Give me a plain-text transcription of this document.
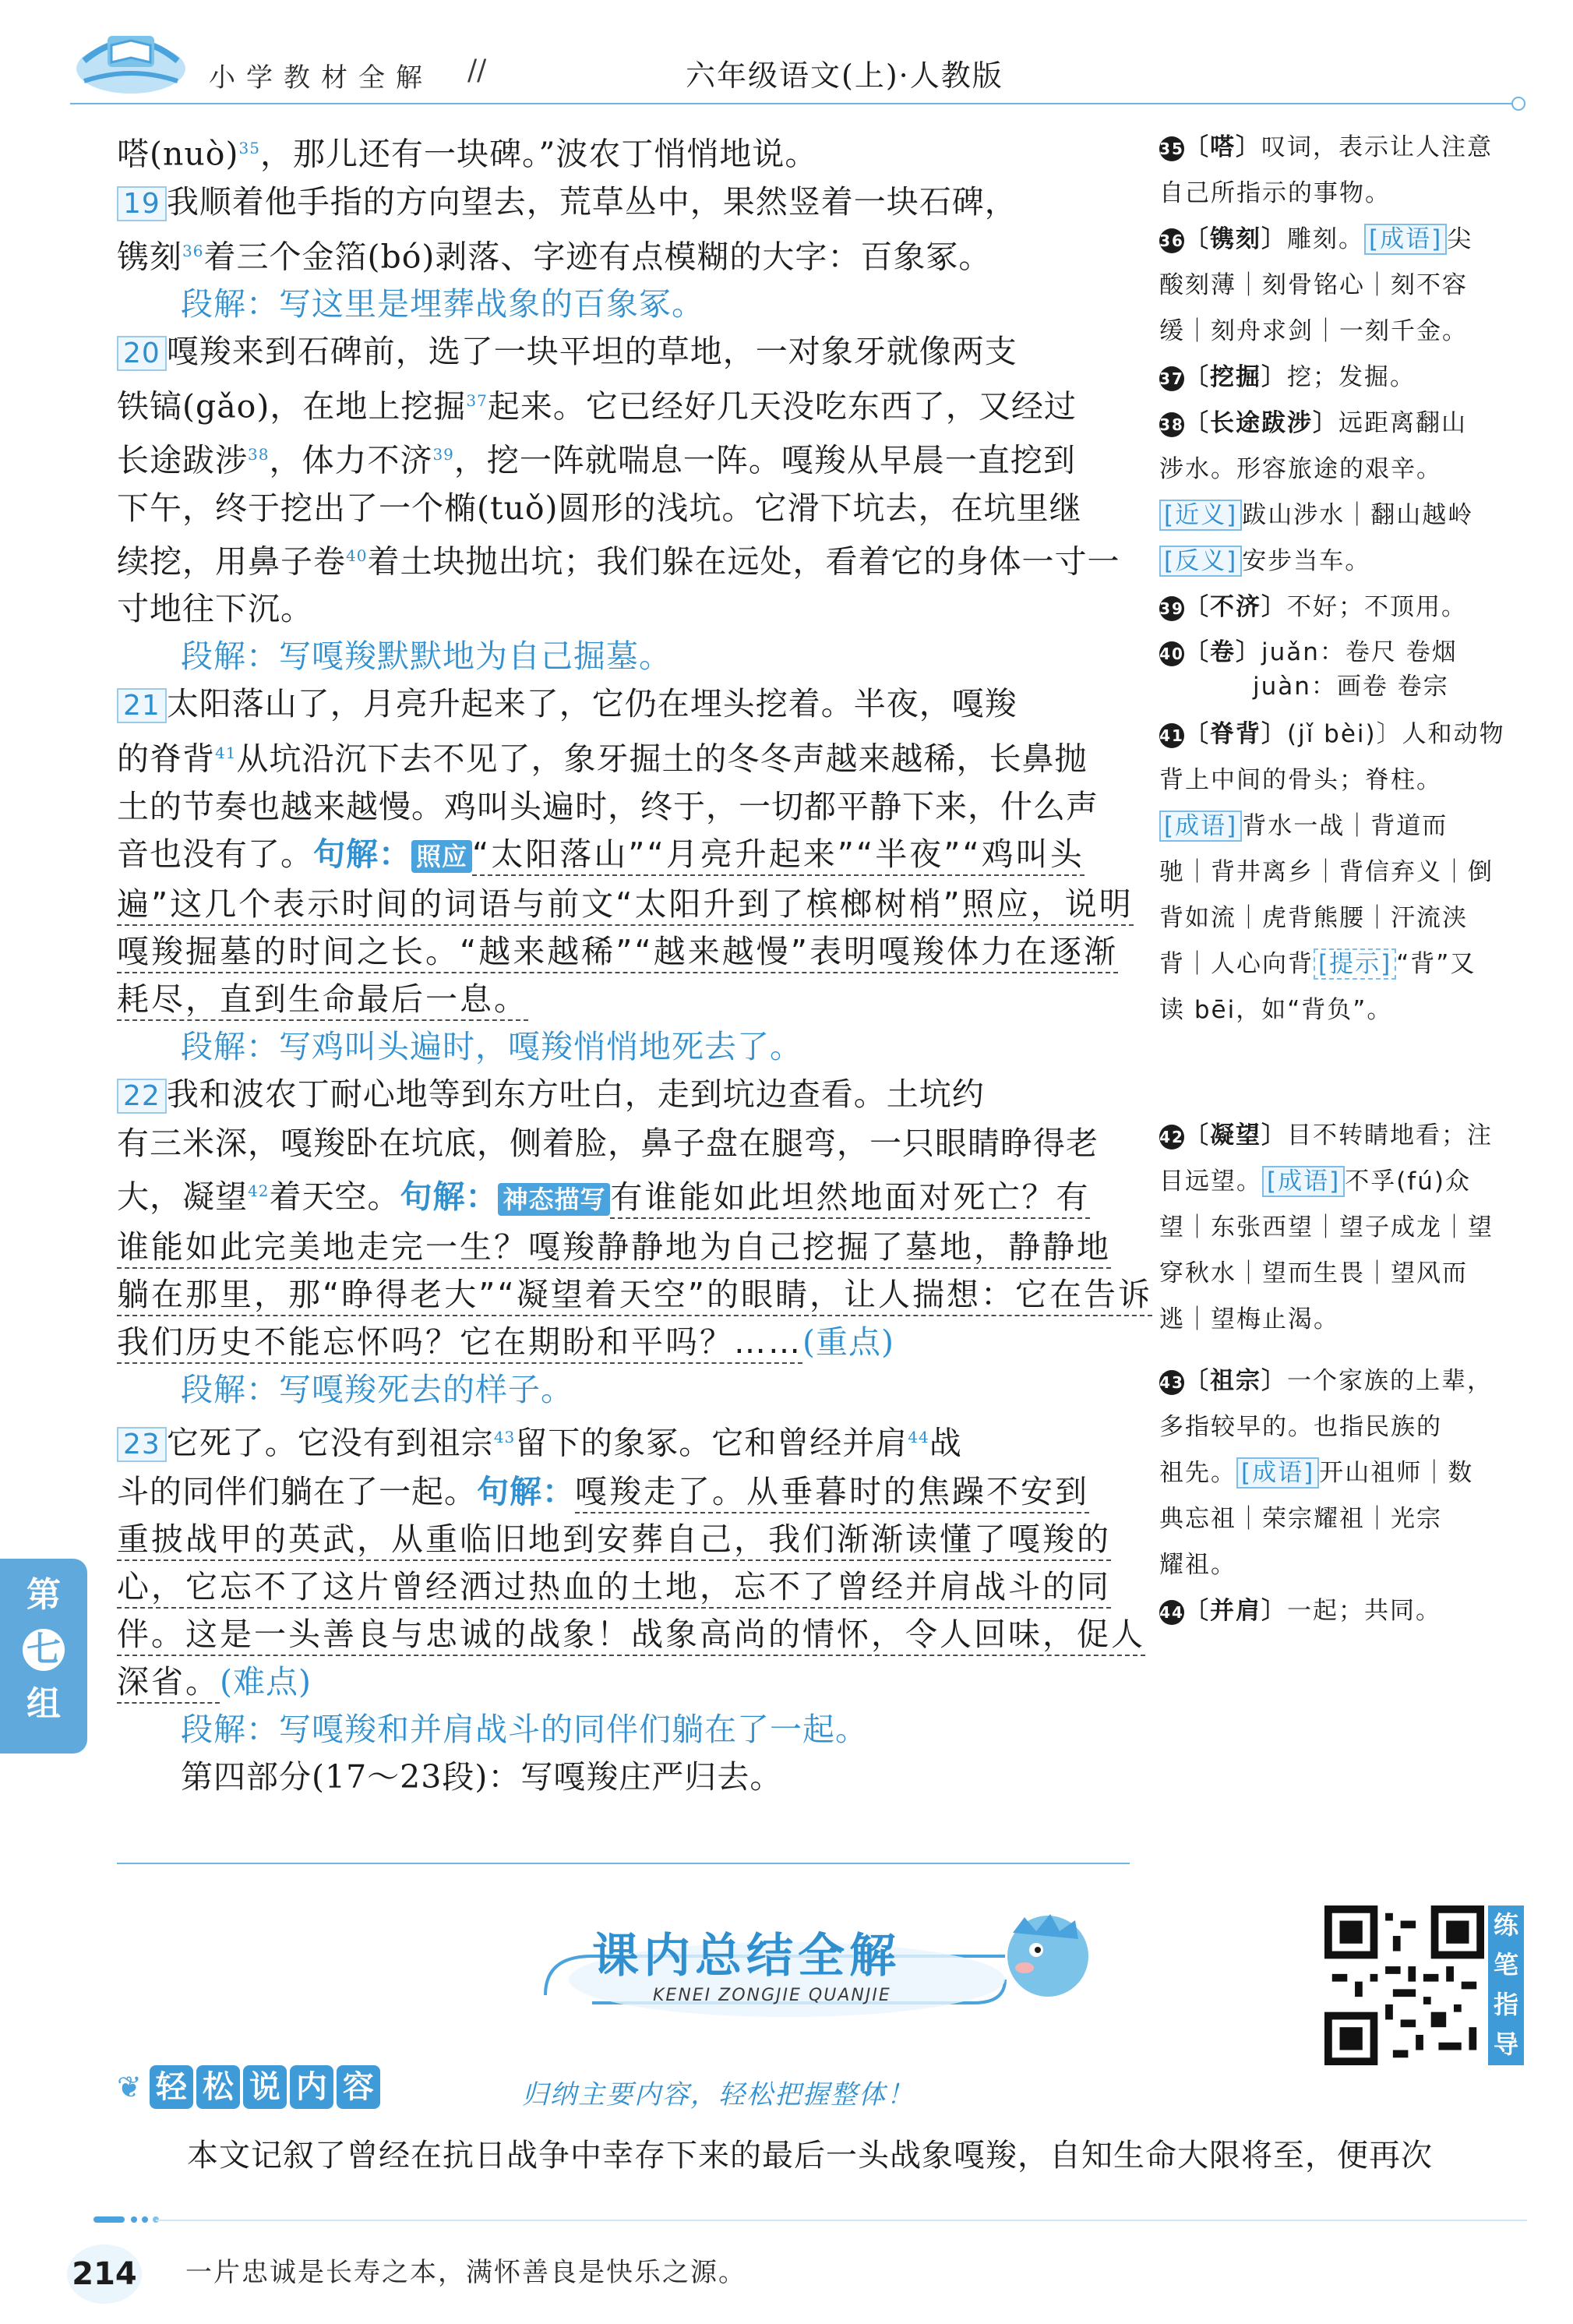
小学教材全解 //	六年级语文(上)·人教版
嗒(nuò)$^{35}$，那儿还有一块碑。”波农丁悄悄地说。
19 我顺着他手指的方向望去，荒草丛中，果然竖着一块石碑，
镌刻$^{36}$着三个金箔(bó)剥落、字迹有点模糊的大字：百象冢。
段解：写这里是埋葬战象的百象冢。
20 嘎羧来到石碑前，选了一块平坦的草地，一对象牙就像两支
铁镐(gǎo)，在地上挖掘$^{37}$起来。它已经好几天没吃东西了，又经过
长途跋涉$^{38}$，体力不济$^{39}$，挖一阵就喘息一阵。嘎羧从早晨一直挖到
下午，终于挖出了一个椭(tuǒ)圆形的浅坑。它滑下坑去，在坑里继
续挖，用鼻子卷$^{40}$着土块抛出坑；我们躲在远处，看着它的身体一寸一
寸地往下沉。
段解：写嘎羧默默地为自己掘墓。
21 太阳落山了，月亮升起来了，它仍在埋头挖着。半夜，嘎羧
的脊背$^{41}$从坑沿沉下去不见了，象牙掘土的冬冬声越来越稀，长鼻抛
土的节奏也越来越慢。鸡叫头遍时，终于，一切都平静下来，什么声
音也没有了。句解： 照应 “太阳落山”“月亮升起来”“半夜”“鸡叫头
遍”这几个表示时间的词语与前文“太阳升到了槟榔树梢”照应，说明
嘎羧掘墓的时间之长。“越来越稀”“越来越慢”表明嘎羧体力在逐渐
耗尽，直到生命最后一息。
段解：写鸡叫头遍时，嘎羧悄悄地死去了。
22 我和波农丁耐心地等到东方吐白，走到坑边查看。土坑约
有三米深，嘎羧卧在坑底，侧着脸，鼻子盘在腿弯，一只眼睛睁得老
大，凝望$^{42}$着天空。句解： 神态描写 有谁能如此坦然地面对死亡？有
谁能如此完美地走完一生？嘎羧静静地为自己挖掘了墓地，静静地
躺在那里，那“睁得老大”“凝望着天空”的眼睛，让人揣想：它在告诉
我们历史不能忘怀吗？它在期盼和平吗？……(重点)
段解：写嘎羧死去的样子。
23 它死了。它没有到祖宗$^{43}$留下的象冢。它和曾经并肩$^{44}$战
斗的同伴们躺在了一起。句解：嘎羧走了。从垂暮时的焦躁不安到
重披战甲的英武，从重临旧地到安葬自己，我们渐渐读懂了嘎羧的
心，它忘不了这片曾经洒过热血的土地，忘不了曾经并肩战斗的同
伴。这是一头善良与忠诚的战象！战象高尚的情怀，令人回味，促人
深省。(难点)
段解：写嘎羧和并肩战斗的同伴们躺在了一起。
第四部分(17～23段)：写嘎羧庄严归去。
35〔嗒〕叹词，表示让人注意
自己所指示的事物。
36〔镌刻〕雕刻。 [成语] 尖
酸刻薄｜刻骨铭心｜刻不容
缓｜刻舟求剑｜一刻千金。
37〔挖掘〕挖；发掘。
38〔长途跋涉〕远距离翻山
涉水。形容旅途的艰辛。
[近义] 跋山涉水｜翻山越岭
[反义] 安步当车。
39〔不济〕不好；不顶用。
40〔卷〕juǎn：卷尺 卷烟
juàn：画卷 卷宗
41〔脊背〕(jǐ bèi)〕人和动物
背上中间的骨头；脊柱。
[成语] 背水一战｜背道而
驰｜背井离乡｜背信弃义｜倒
背如流｜虎背熊腰｜汗流浃
背｜人心向背 [提示] “背”又
读 bēi，如“背负”。
42〔凝望〕目不转睛地看；注
目远望。 [成语] 不孚(fú)众
望｜东张西望｜望子成龙｜望
穿秋水｜望而生畏｜望风而
逃｜望梅止渴。
43〔祖宗〕一个家族的上辈，
多指较早的。也指民族的
祖先。 [成语] 开山祖师｜数
典忘祖｜荣宗耀祖｜光宗
耀祖。
44〔并肩〕一起；共同。
第
七
组
课内总结全解
KENEI ZONGJIE QUANJIE
练
笔
指
导
❦ 轻 松 说 内 容	归纳主要内容，轻松把握整体！
本文记叙了曾经在抗日战争中幸存下来的最后一头战象嘎羧，自知生命大限将至，便再次
214 一片忠诚是长寿之本，满怀善良是快乐之源。
